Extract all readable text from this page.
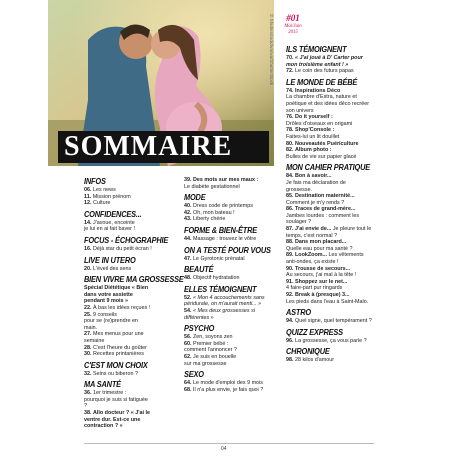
© Shutterstock/Ivanva/ShutterStock	#01
Mai/Juin
2015
SOMMAIRE
INFOS
06. Les news
11. Mission prénom
12. Culture
CONFIDENCES...
14. J'avoue, enceinte
je lui en ai fait baver !
FOCUS - ÉCHOGRAPHIE
16. Déjà star du petit écran !
LIVE IN UTERO
20. L'éveil des sens
BIEN VIVRE MA GROSSESSE
Spécial Diététique « Bien dans votre assiette pendant 9 mois »
22. À bas les idées reçues !
25. 9 conseils
pour se (re)prendre en main.
27. Mes menus pour une semaine
28. C'est l'heure du goûter
30. Recettes printanières
C'EST MON CHOIX
32. Seins ou biberon ?
MA SANTÉ
36. 1er trimestre :
pourquoi je suis si fatiguée ?
38. Allo docteur ? « J'ai le ventre dur. Est-ce une contraction ? »
39. Des mots sur mes maux :
Le diabète gestationnel
MODE
40. Dress code de printemps
42. Oh, mon bateau !
43. Liberty chérie
FORME & BIEN-ÊTRE
44. Massage : trouvez le vôtre
ON A TESTÉ POUR VOUS
47. Le Gyrotonic prénatal
BEAUTÉ
48. Objectif hydratation
ELLES TÉMOIGNENT
52. « Mon 4 accouchements sans péridurale, on m'aurait menti... »
54. « Mes deux grossesses si différentes »
PSYCHO
56. Zen, soyons zen
60. Premier bébé :
comment l'annoncer ?
62. Je suis en bouelle
sur ma grossesse
SEXO
64. Le mode d'emploi des 9 mois
68. Il n'a plus envie, je fais quoi ?
ILS TÉMOIGNENT
70. « J'ai joué à D' Carter pour mon troisième enfant ! »
72. Le coin des futurs papas
LE MONDE DE BÉBÉ
74. Inspirations Déco
La chambre d'Estra, nature et poétique et des idées déco recréer son univers
76. Do it yourself :
Drôles d'oiseaux en origami
78. Shop'Console :
Faites-lui un lit douillet
80. Nouveautés Puériculture
82. Album photo :
Bulles de vie sur papier glacé
MON CAHIER PRATIQUE
84. Bon à savoir...
Je fais ma déclaration de grossesse.
85. Destination maternité...
Comment je m'y rends ?
86. Traces de grand-mère... Jambes lourdes : comment les soulager ?
87. J'ai envie de... Je pleure tout le temps, c'est normal ?
88. Dans mon placard...
Quelle eau pour ma santé ?
89. LookZoom... Les vêtements anti-ondes, ça existe !
90. Trousse de secours...
Au secours, j'ai mal à la tête !
91. Shoppez sur le net...
4 faire-part pur ringards
92. Break à (presque) 3...
Les pieds dans l'eau à Saint-Malo.
ASTRO
94. Quel signe, quel tempérament ?
QUIZZ EXPRESS
96. La grossesse, ça vous parle ?
CHRONIQUE
98. 28 kilos d'amour
04
